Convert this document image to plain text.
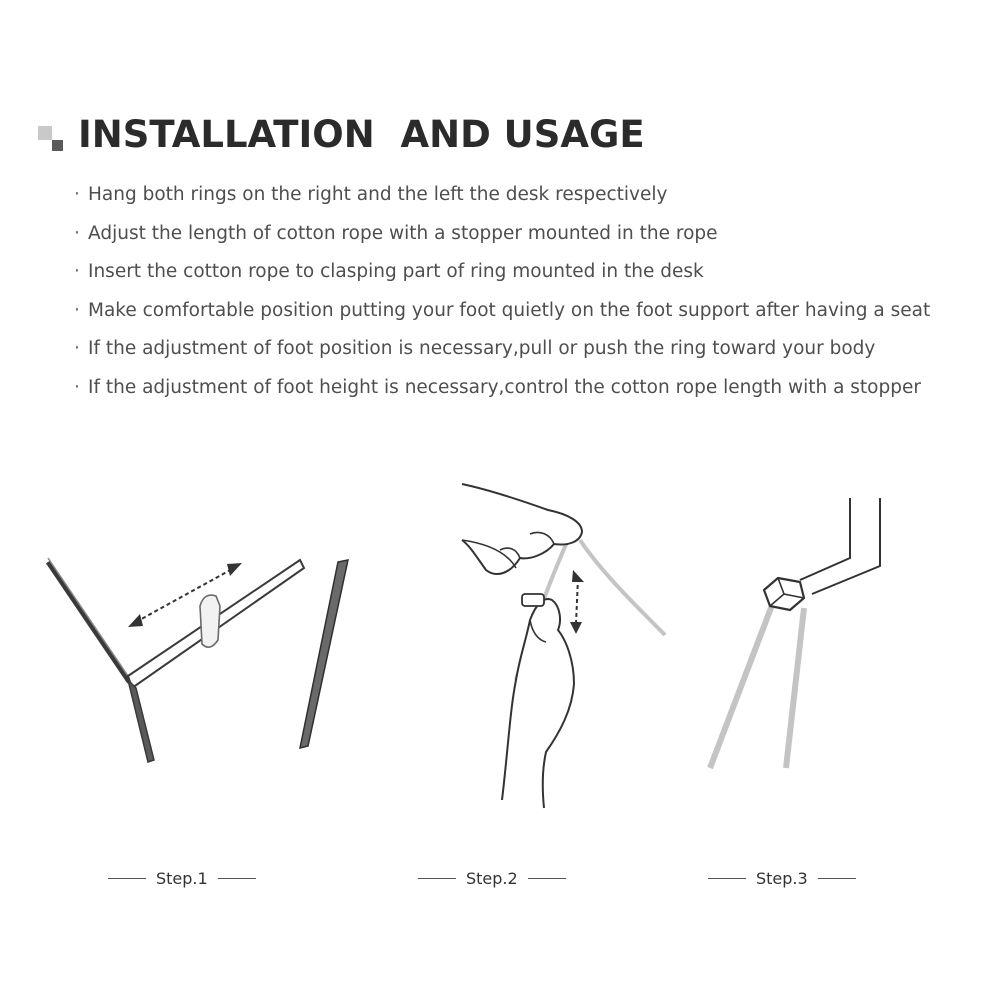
INSTALLATION  AND USAGE
· Hang both rings on the right and the left the desk respectively
· Adjust the length of cotton rope with a stopper mounted in the rope
· Insert the cotton rope to clasping part of ring mounted in the desk
· Make comfortable position putting your foot quietly on the foot support after having a seat
· If the adjustment of foot position is necessary,pull or push the ring toward your body
· If the adjustment of foot height is necessary,control the cotton rope length with a stopper
Step.1	Step.2	Step.3
